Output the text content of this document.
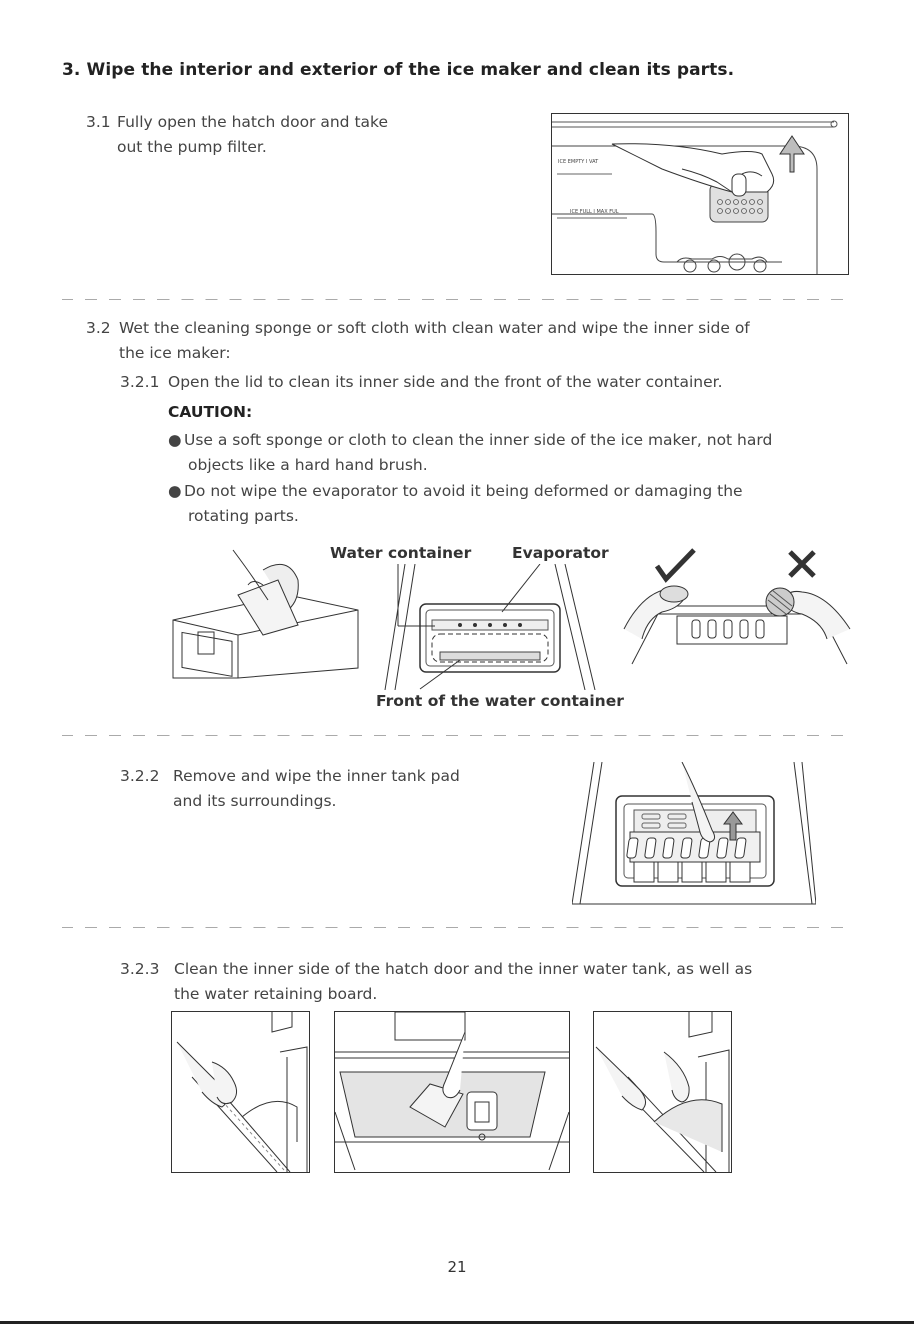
3. Wipe the interior and exterior of the ice maker and clean its parts.
3.1 Fully open the hatch door and take
out the pump filter.
ICE EMPTY I VAT
ICE FULL I MAX FUL
3.2 Wet the cleaning sponge or soft cloth with clean water and wipe the inner side of
the ice maker:
3.2.1 Open the lid to clean its inner side and the front of the water container.
CAUTION:
● Use a soft sponge or cloth to clean the inner side of the ice maker, not hard
objects like a hard hand brush.
● Do not wipe the evaporator to avoid it being deformed or damaging the
rotating parts.
Water container	Evaporator
Front of the water container
3.2.2 Remove and wipe the inner tank pad
and its surroundings.
3.2.3 Clean the inner side of the hatch door and the inner water tank, as well as
the water retaining board.
21
